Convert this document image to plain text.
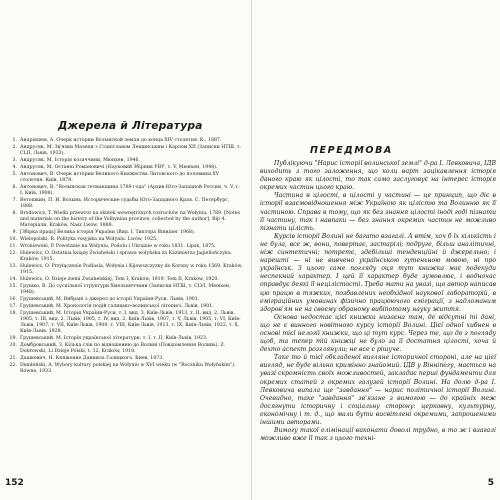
Джерела й Література
1. Андріяшев, А. Очерк истории Волынской земли до конца XIV столетия. К., 1887.
2. Андрусяк, М. Зв'язки Мазепи з Станіславом Лещинським і Карлом XII (Записки НТШ, т. CLII, Львів, 1933).
3. Андрусяк, М. Історія козаччини, Мюнхен, 1946.
4. Андрусяк, М. Останні Романовичі (Науковий Збірник УВУ, т. V, Мюнхен, 1948).
5. Антонович, В. Очерк истории Великого Княжества Литовского до половины XV столетия. Київ, 1878.
6. Антонович, В. "Волынская гетманщина 1789 года" (Архив Юго-Западной России, ч. V, т. I, Київ, 1908).
7. Ветошкин, П. И. Волынь. Исторические судьбы Юго-Западного Края. С. Петербург, 1888.
8. Brodowicz, T. Wielki przewrot na skutek wewnętrznych rozruchów na Wołyniu, 1789. [Notes and materials on the history of the Volhynian province, collected by the author]. Вip 4. Матеріали, Kraków, Nasz Lwów, 1888.
9. [Збірка праць] Велика історія України (Вид. І. Тиктора Вінніпег 1968).
10. Wielopolski, R. Polityka rosyjska na Wołyniu. Lwów, 1925.
11. Wroniewski, P. Powstanie na Wołyniu, Podolu i Ukrainie w roku 1831. Lipsk, 1875.
12. Hulewicz, O. Ostatnia książę Zwiahelski i sprawa wołyńska za Kazimierza Jagiellończyka. Kraków, 1915.
13. Hulewicz, O. Przyłączenie Podlasia, Wołynia i Kijowszczyzny do Korony w roku 1569. Kraków, 1915.
14. Hulewicz, O. Dzieje ziemi Zwiahelskiej, Tom I, Kraków, 1919. Tom II, Kraków, 1920.
15. Грушко, В. До суспільної структури Хмельниччини (Записки НТШ, т. CLVI, Мюнхен, 1948).
16. Грушевський, М. Вибрані з джерел до історії України-Руси. Львів, 1901.
17. Грушевський, М. Хронологія подій галицько-волинської літописі. Львів, 1901.
18. Грушевський, М. Історія України-Руси, т. I, вид. 3, Київ-Львів, 1913, т. II, вид. 2, Львів, 1905, т. III, вид. 2, Львів, 1905, т. IV, вид. 2, Київ-Львів, 1907, т. V, Львів, 1905, т. VI, Київ-Львів, 1907, т. VII, Київ-Львів, 1909, т. VIII, Київ-Львів, 1913, т. IX, Київ-Львів, 1922, т. X, Київ-Львів, 1928.
19. Грушевський, М. Історія української літератури, т. I, т. II, Київ-Львів, 1923.
20. Домбровський, З. Кілька слів по відношенню до Волині (Повідомлення Волинь). Z. Dobrowski, Li Dzieje Polski, t. 12, Kraków, 1918.
21. Дашкевич, Н. Княжение Даниила Галицкого. Киев, 1873.
22. Dembiński, A. Wybory kultury polskiej na Wołyniu w XVI wieku (w "Roczniku Wołyńskim"). Równe, 1933.
152
ПЕРЕДМОВА

Публікуючи "Нарис історії волинської землі" д-ра І. Левковича, ІДВ виходить з того заложення, що коли варт зацікавлення історія даного краю як цілості, то так само заслуговує на інтерес історія окремих частин цього краю.

Частина в цілості, в цілості у частині — це принцип, що діє в історії взаємовідношення між Україною як цілістю та Волинню як її частиною. Справа в тому, що як без знання цілості іноді годі пізнати її частину, так і навпаки — без знання окремих частин не можливо пізнати цілість.

Курсів історії Волині не багато взагалі. А втім, хоч б їх кількість і не була, все ж, вони, повертає, застарілі; подруге, більш аналітичні, ніж синтетичні; потретє, здебільші тенденційні й джерельно; і нарешті — ні не вивчено українською гутеньною мовою, ні про українськ. З цього саме погляду оця тут книжка має подекуди неспекний характер. І цей її характер буде зумовлює, і водночас оправдує деякі її нецілістості. Треба мати на увазі, що автор написав цю працю в тяжких, позбавлених необхідної наукової лабораторій, в еміграційних умовинах фізично працюючого еміграції, з надломаним здоров'ям не на своєму обраному вибіпотому науку життя.

Основа недостає цієї книжки низаєна там, де відсутні ті дані, що не є винного новітного курсу історії Волині. Цієї одної хибнен в основі тієї нелогії книжки, що ці тут курс. Через те, що до з погляду щоб, та тепер тій книжці не було за її достатня цілості, хоча й дехто аспект розглянули; не все є рішуче.

Таке то й тієї обкладеної вигляне історичної стороні, але на цієї вигляд, не буде вільно кримінно знайомий. ІДВ у Вінніпегу, мається на увазі скромність своїх можливостей, закладає перші фундаменти для окремих статей з окремих галузей історії Волині. На долю д-ра І. Левковича випала ще "завдання" — нарис політичної історії Волині. Очевидно, таке "завдання" зв'язане з вимогою — до крайніх меж досягнути історичну і соціальну сторону: церковну, культурну, економічну і т. д., що мали бути висвітлені окремими, запрошеними іншими авторами.

Вимогу такої елімінації виконати доволі трудно, в то ж і взагалі можливо вже її так з цього техні-

5
